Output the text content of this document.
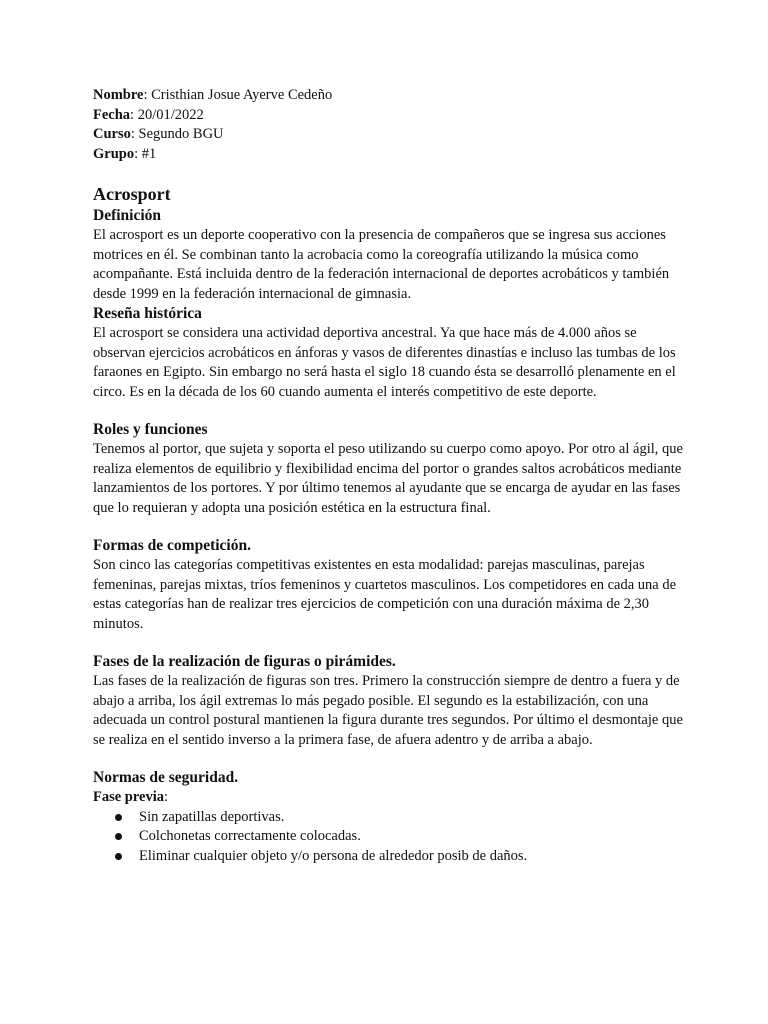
Nombre: Cristhian Josue Ayerve Cedeño

Fecha: 20/01/2022

Curso: Segundo BGU

Grupo: #1

Acrosport
Definición

El acrosport es un deporte cooperativo con la presencia de compañeros que se ingresa sus acciones motrices en él. Se combinan tanto la acrobacia como la coreografía utilizando la música como acompañante. Está incluida dentro de la federación internacional de deportes acrobáticos y también desde 1999 en la federación internacional de gimnasia.

Reseña histórica

El acrosport se considera una actividad deportiva ancestral. Ya que hace más de 4.000 años se observan ejercicios acrobáticos en ánforas y vasos de diferentes dinastías e incluso las tumbas de los faraones en Egipto. Sin embargo no será hasta el siglo 18 cuando ésta se desarrolló plenamente en el circo. Es en la década de los 60 cuando aumenta el interés competitivo de este deporte.

Roles y funciones

Tenemos al portor, que sujeta y soporta el peso utilizando su cuerpo como apoyo. Por otro al ágil, que realiza elementos de equilibrio y flexibilidad encima del portor o grandes saltos acrobáticos mediante lanzamientos de los portores. Y por último tenemos al ayudante que se encarga de ayudar en las fases que lo requieran y adopta una posición estética en la estructura final.

Formas de competición.

Son cinco las categorías competitivas existentes en esta modalidad: parejas masculinas, parejas femeninas, parejas mixtas, tríos femeninos y cuartetos masculinos. Los competidores en cada una de estas categorías han de realizar tres ejercicios de competición con una duración máxima de 2,30 minutos.

Fases de la realización de figuras o pirámides.

Las fases de la realización de figuras son tres. Primero la construcción siempre de dentro a fuera y de abajo a arriba, los ágil extremas lo más pegado posible. El segundo es la estabilización, con una adecuada un control postural mantienen la figura durante tres segundos. Por último el desmontaje que se realiza en el sentido inverso a la primera fase, de afuera adentro y de arriba a abajo.

Normas de seguridad.

Fase previa:

Sin zapatillas deportivas.
Colchonetas correctamente colocadas.
Eliminar cualquier objeto y/o persona de alrededor posib de daños.
